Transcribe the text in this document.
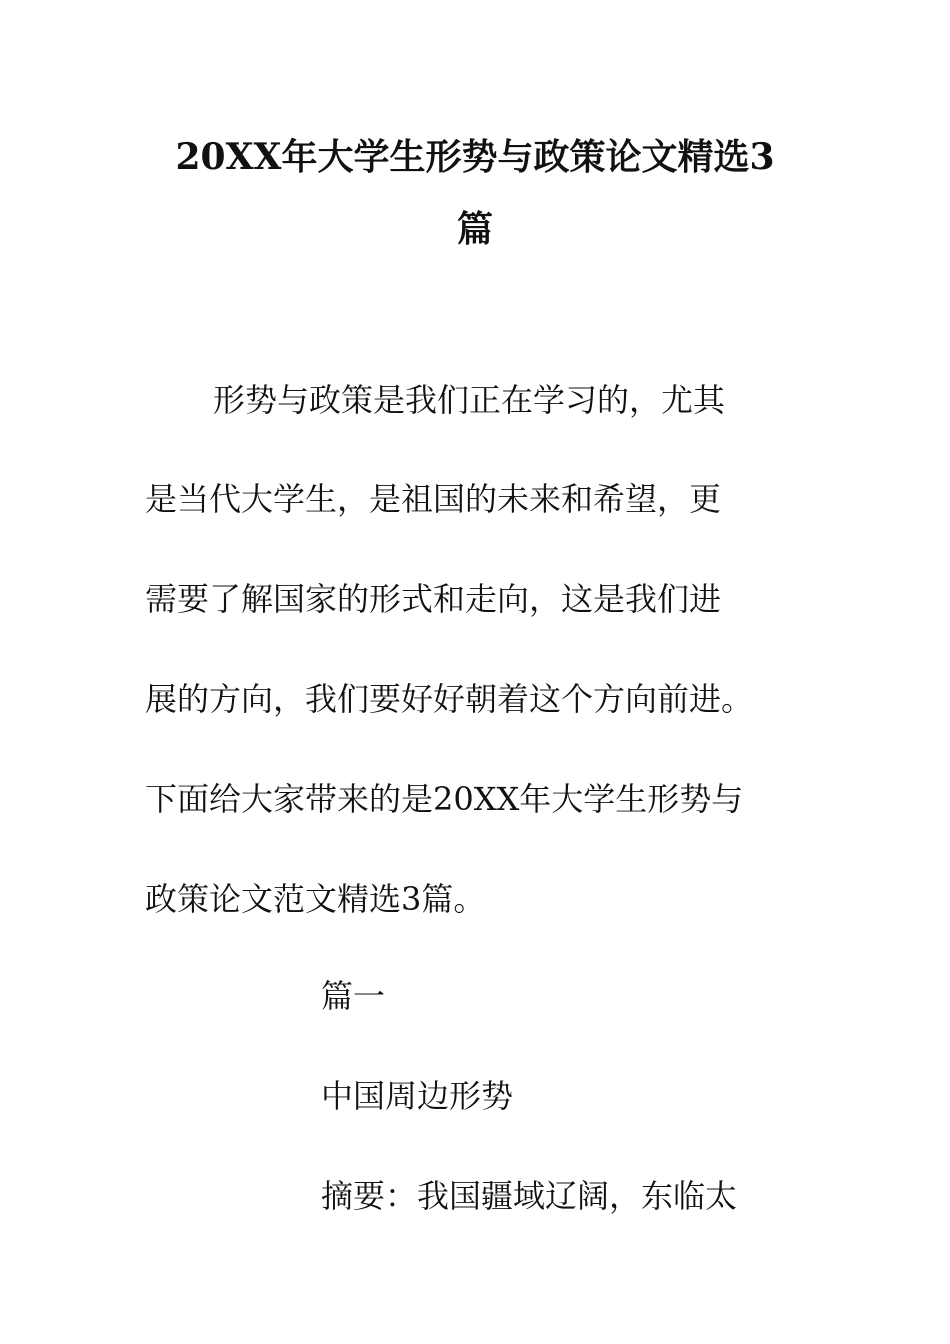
20XX年大学生形势与政策论文精选3
篇
形势与政策是我们正在学习的，尤其
是当代大学生，是祖国的未来和希望，更
需要了解国家的形式和走向，这是我们进
展的方向，我们要好好朝着这个方向前进。
下面给大家带来的是20XX年大学生形势与
政策论文范文精选3篇。
篇一
中国周边形势
摘要：我国疆域辽阔，东临太
